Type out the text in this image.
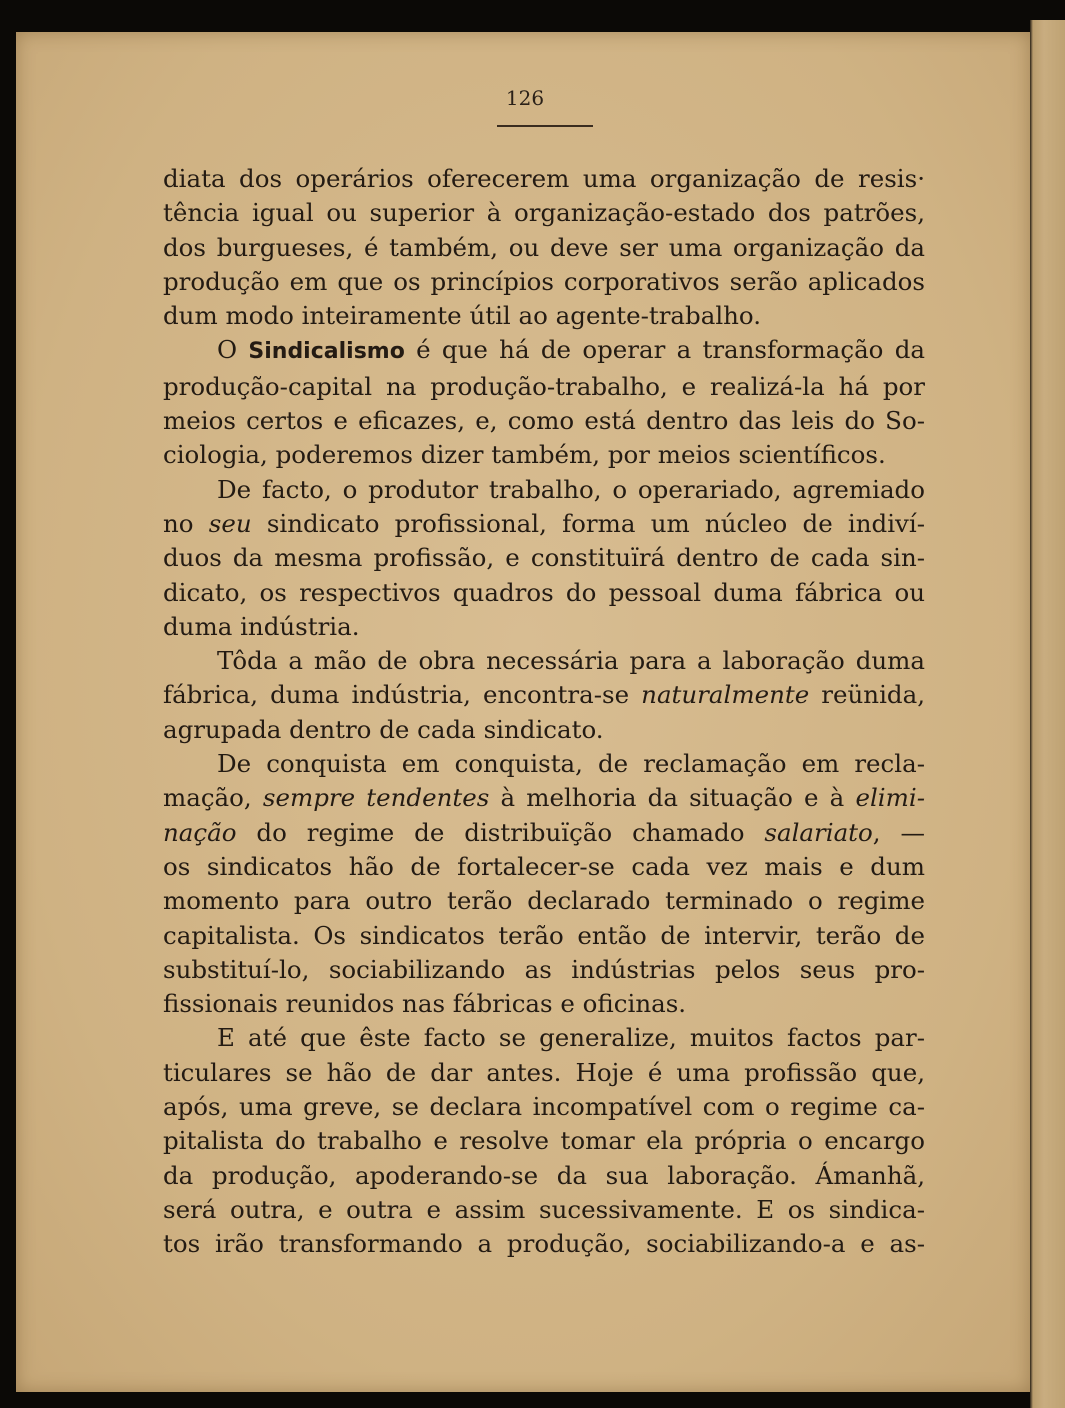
126
diata dos operários oferecerem uma organização de resis·
tência igual ou superior à organização-estado dos patrões,
dos burgueses, é também, ou deve ser uma organização da
produção em que os princípios corporativos serão aplicados
dum modo inteiramente útil ao agente-trabalho.
O Sindicalismo é que há de operar a transformação da
produção-capital na produção-trabalho, e realizá-la há por
meios certos e eficazes, e, como está dentro das leis do So-
ciologia, poderemos dizer também, por meios scientíficos.
De facto, o produtor trabalho, o operariado, agremiado
no seu sindicato profissional, forma um núcleo de indiví-
duos da mesma profissão, e constituïrá dentro de cada sin-
dicato, os respectivos quadros do pessoal duma fábrica ou
duma indústria.
Tôda a mão de obra necessária para a laboração duma
fábrica, duma indústria, encontra-se naturalmente reünida,
agrupada dentro de cada sindicato.
De conquista em conquista, de reclamação em recla-
mação, sempre tendentes à melhoria da situação e à elimi-
nação do regime de distribuïção chamado salariato, —
os sindicatos hão de fortalecer-se cada vez mais e dum
momento para outro terão declarado terminado o regime
capitalista. Os sindicatos terão então de intervir, terão de
substituí-lo, sociabilizando as indústrias pelos seus pro-
fissionais reunidos nas fábricas e oficinas.
E até que êste facto se generalize, muitos factos par-
ticulares se hão de dar antes. Hoje é uma profissão que,
após, uma greve, se declara incompatível com o regime ca-
pitalista do trabalho e resolve tomar ela própria o encargo
da produção, apoderando-se da sua laboração. Ámanhã,
será outra, e outra e assim sucessivamente. E os sindica-
tos irão transformando a produção, sociabilizando-a e as-
